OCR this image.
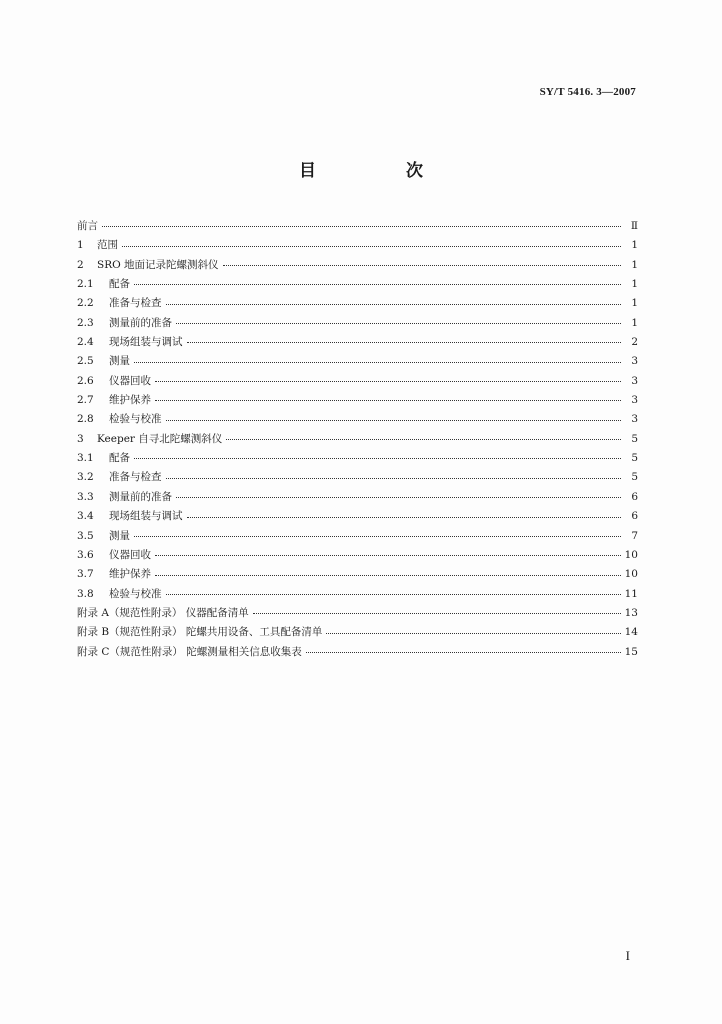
SY/T 5416. 3—2007
目 次
前言	Ⅱ
1	范围	1
2	SRO 地面记录陀螺测斜仪	1
2.1	配备	1
2.2	准备与检查	1
2.3	测量前的准备	1
2.4	现场组装与调试	2
2.5	测量	3
2.6	仪器回收	3
2.7	维护保养	3
2.8	检验与校准	3
3	Keeper 自寻北陀螺测斜仪	5
3.1	配备	5
3.2	准备与检查	5
3.3	测量前的准备	6
3.4	现场组装与调试	6
3.5	测量	7
3.6	仪器回收	10
3.7	维护保养	10
3.8	检验与校准	11
附录 A（规范性附录） 仪器配备清单	13
附录 B（规范性附录） 陀螺共用设备、工具配备清单	14
附录 C（规范性附录） 陀螺测量相关信息收集表	15
I
